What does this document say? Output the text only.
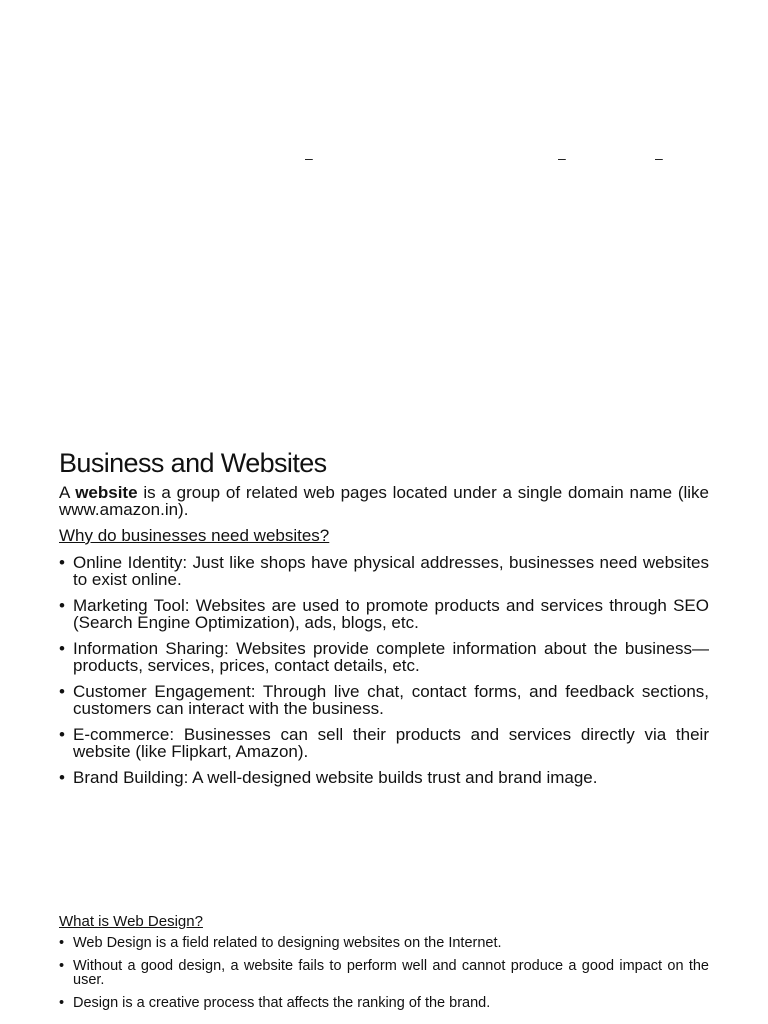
–	–	–
Business and Websites

A website is a group of related web pages located under a single domain name (like www.amazon.in).

Why do businesses need websites?

• Online Identity: Just like shops have physical addresses, businesses need websites to exist online.
• Marketing Tool: Websites are used to promote products and services through SEO (Search Engine Optimization), ads, blogs, etc.
• Information Sharing: Websites provide complete information about the business—products, services, prices, contact details, etc.
• Customer Engagement: Through live chat, contact forms, and feedback sections, customers can interact with the business.
• E-commerce: Businesses can sell their products and services directly via their website (like Flipkart, Amazon).
• Brand Building: A well-designed website builds trust and brand image.

What is Web Design?

• Web Design is a field related to designing websites on the Internet.
• Without a good design, a website fails to perform well and cannot produce a good impact on the user.
• Design is a creative process that affects the ranking of the brand.
